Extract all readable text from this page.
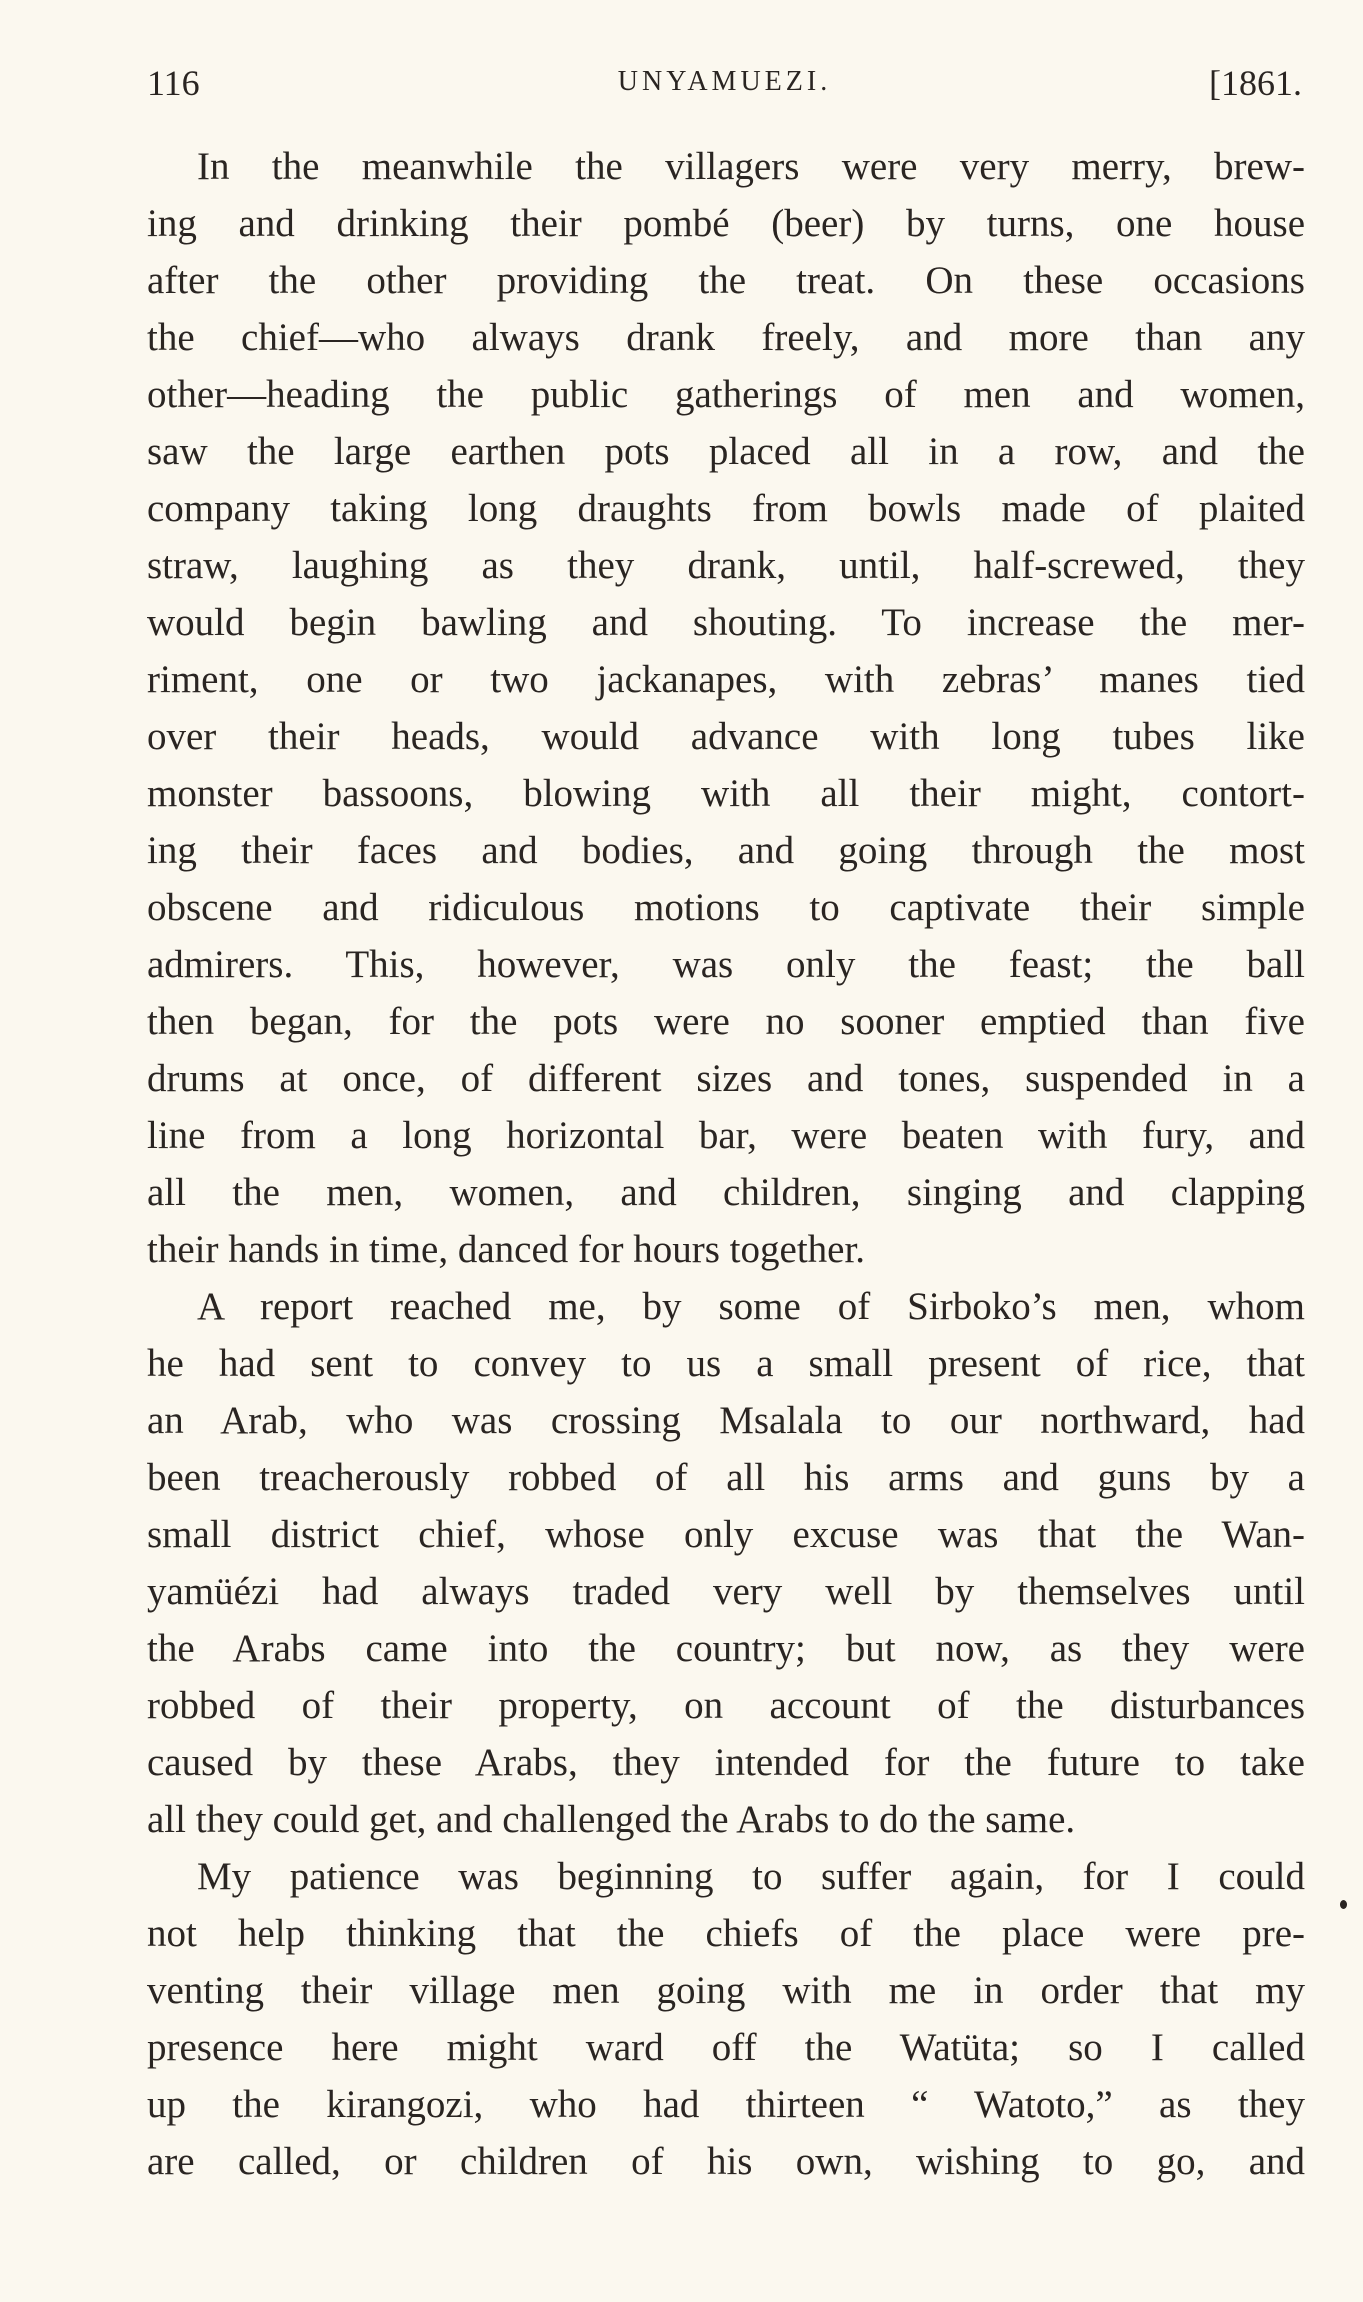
116	UNYAMUEZI.	[1861.
In the meanwhile the villagers were very merry, brew-
ing and drinking their pombé (beer) by turns, one house
after the other providing the treat. On these occasions
the chief—who always drank freely, and more than any
other—heading the public gatherings of men and women,
saw the large earthen pots placed all in a row, and the
company taking long draughts from bowls made of plaited
straw, laughing as they drank, until, half-screwed, they
would begin bawling and shouting. To increase the mer-
riment, one or two jackanapes, with zebras’ manes tied
over their heads, would advance with long tubes like
monster bassoons, blowing with all their might, contort-
ing their faces and bodies, and going through the most
obscene and ridiculous motions to captivate their simple
admirers. This, however, was only the feast; the ball
then began, for the pots were no sooner emptied than five
drums at once, of different sizes and tones, suspended in a
line from a long horizontal bar, were beaten with fury, and
all the men, women, and children, singing and clapping
their hands in time, danced for hours together.
A report reached me, by some of Sirboko’s men, whom
he had sent to convey to us a small present of rice, that
an Arab, who was crossing Msalala to our northward, had
been treacherously robbed of all his arms and guns by a
small district chief, whose only excuse was that the Wan-
yamüézi had always traded very well by themselves until
the Arabs came into the country; but now, as they were
robbed of their property, on account of the disturbances
caused by these Arabs, they intended for the future to take
all they could get, and challenged the Arabs to do the same.
My patience was beginning to suffer again, for I could
not help thinking that the chiefs of the place were pre-
venting their village men going with me in order that my
presence here might ward off the Watüta; so I called
up the kirangozi, who had thirteen “ Watoto,” as they
are called, or children of his own, wishing to go, and
